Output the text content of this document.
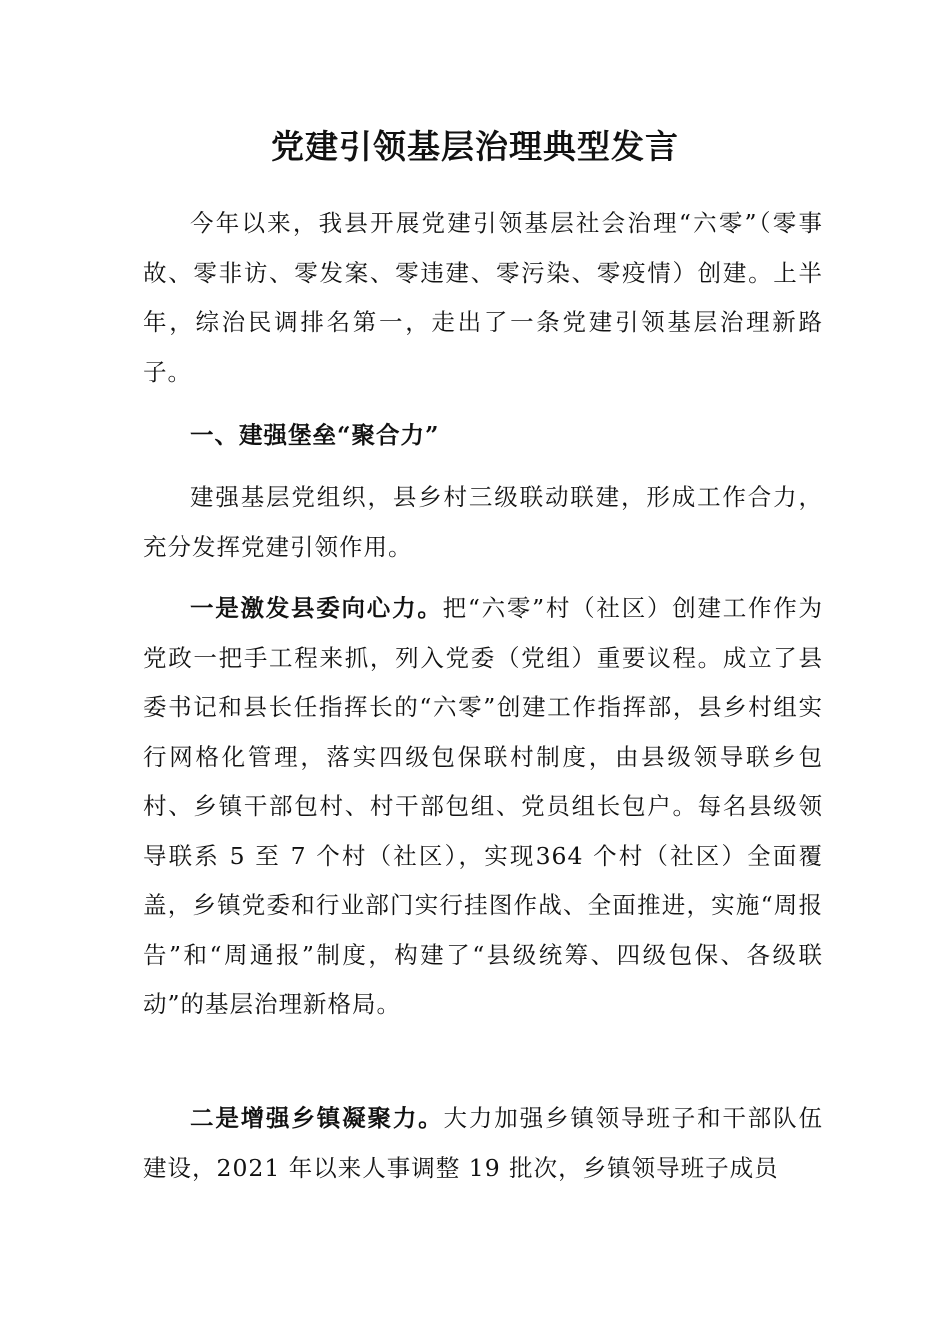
党建引领基层治理典型发言

今年以来，我县开展党建引领基层社会治理“六零”（零事故、零非访、零发案、零违建、零污染、零疫情）创建。上半年，综治民调排名第一，走出了一条党建引领基层治理新路子。

一、建强堡垒“聚合力”

建强基层党组织，县乡村三级联动联建，形成工作合力，充分发挥党建引领作用。

一是激发县委向心力。把“六零”村（社区）创建工作作为党政一把手工程来抓，列入党委（党组）重要议程。成立了县委书记和县长任指挥长的“六零”创建工作指挥部，县乡村组实行网格化管理，落实四级包保联村制度，由县级领导联乡包村、乡镇干部包村、村干部包组、党员组长包户。每名县级领导联系 5 至 7 个村（社区），实现364 个村（社区）全面覆盖，乡镇党委和行业部门实行挂图作战、全面推进，实施“周报告”和“周通报”制度，构建了“县级统筹、四级包保、各级联动”的基层治理新格局。

二是增强乡镇凝聚力。大力加强乡镇领导班子和干部队伍建设，2021 年以来人事调整 19 批次，乡镇领导班子成员
